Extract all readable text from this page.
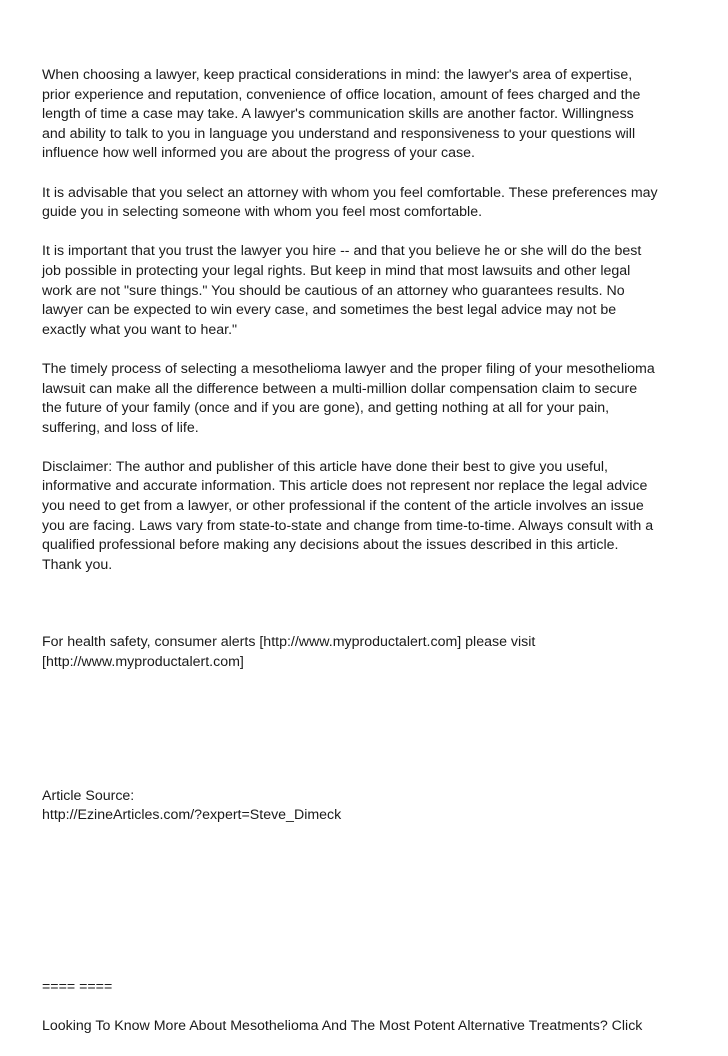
When choosing a lawyer, keep practical considerations in mind: the lawyer's area of expertise,
prior experience and reputation, convenience of office location, amount of fees charged and the
length of time a case may take. A lawyer's communication skills are another factor. Willingness
and ability to talk to you in language you understand and responsiveness to your questions will
influence how well informed you are about the progress of your case.
It is advisable that you select an attorney with whom you feel comfortable. These preferences may
guide you in selecting someone with whom you feel most comfortable.
It is important that you trust the lawyer you hire -- and that you believe he or she will do the best
job possible in protecting your legal rights. But keep in mind that most lawsuits and other legal
work are not "sure things." You should be cautious of an attorney who guarantees results. No
lawyer can be expected to win every case, and sometimes the best legal advice may not be
exactly what you want to hear."
The timely process of selecting a mesothelioma lawyer and the proper filing of your mesothelioma
lawsuit can make all the difference between a multi-million dollar compensation claim to secure
the future of your family (once and if you are gone), and getting nothing at all for your pain,
suffering, and loss of life.
Disclaimer: The author and publisher of this article have done their best to give you useful,
informative and accurate information. This article does not represent nor replace the legal advice
you need to get from a lawyer, or other professional if the content of the article involves an issue
you are facing. Laws vary from state-to-state and change from time-to-time. Always consult with a
qualified professional before making any decisions about the issues described in this article.
Thank you.
For health safety, consumer alerts [http://www.myproductalert.com] please visit
[http://www.myproductalert.com]
Article Source:
http://EzineArticles.com/?expert=Steve_Dimeck
==== ====
Looking To Know More About Mesothelioma And The Most Potent Alternative Treatments? Click
